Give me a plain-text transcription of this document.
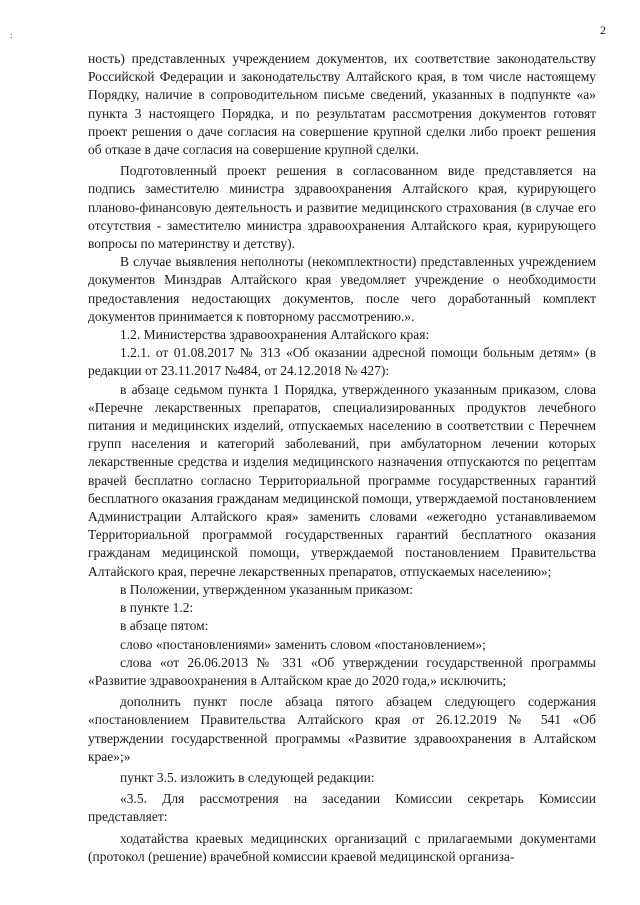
:	2

ность) представленных учреждением документов, их соответствие законодательству Российской Федерации и законодательству Алтайского края, в том числе настоящему Порядку, наличие в сопроводительном письме сведений, указанных в подпункте «а» пункта 3 настоящего Порядка, и по результатам рассмотрения документов готовят проект решения о даче согласия на совершение крупной сделки либо проект решения об отказе в даче согласия на совершение крупной сделки.

Подготовленный проект решения в согласованном виде представляется на подпись заместителю министра здравоохранения Алтайского края, курирующего планово-финансовую деятельность и развитие медицинского страхования (в случае его отсутствия - заместителю министра здравоохранения Алтайского края, курирующего вопросы по материнству и детству).

В случае выявления неполноты (некомплектности) представленных учреждением документов Минздрав Алтайского края уведомляет учреждение о необходимости предоставления недостающих документов, после чего доработанный комплект документов принимается к повторному рассмотрению.».

1.2. Министерства здравоохранения Алтайского края:

1.2.1. от 01.08.2017 № 313 «Об оказании адресной помощи больным детям» (в редакции от 23.11.2017 №484, от 24.12.2018 № 427):

в абзаце седьмом пункта 1 Порядка, утвержденного указанным приказом, слова «Перечне лекарственных препаратов, специализированных продуктов лечебного питания и медицинских изделий, отпускаемых населению в соответствии с Перечнем групп населения и категорий заболеваний, при амбулаторном лечении которых лекарственные средства и изделия медицинского назначения отпускаются по рецептам врачей бесплатно согласно Территориальной программе государственных гарантий бесплатного оказания гражданам медицинской помощи, утверждаемой постановлением Администрации Алтайского края» заменить словами «ежегодно устанавливаемом Территориальной программой государственных гарантий бесплатного оказания гражданам медицинской помощи, утверждаемой постановлением Правительства Алтайского края, перечне лекарственных препаратов, отпускаемых населению»;

в Положении, утвержденном указанным приказом:

в пункте 1.2:

в абзаце пятом:

слово «постановлениями» заменить словом «постановлением»;

слова «от 26.06.2013 № 331 «Об утверждении государственной программы «Развитие здравоохранения в Алтайском крае до 2020 года,» исключить;

дополнить пункт после абзаца пятого абзацем следующего содержания «постановлением Правительства Алтайского края от 26.12.2019 № 541 «Об утверждении государственной программы «Развитие здравоохранения в Алтайском крае»;»

пункт 3.5. изложить в следующей редакции:

«3.5. Для рассмотрения на заседании Комиссии секретарь Комиссии представляет:

ходатайства краевых медицинских организаций с прилагаемыми документами (протокол (решение) врачебной комиссии краевой медицинской организа-
